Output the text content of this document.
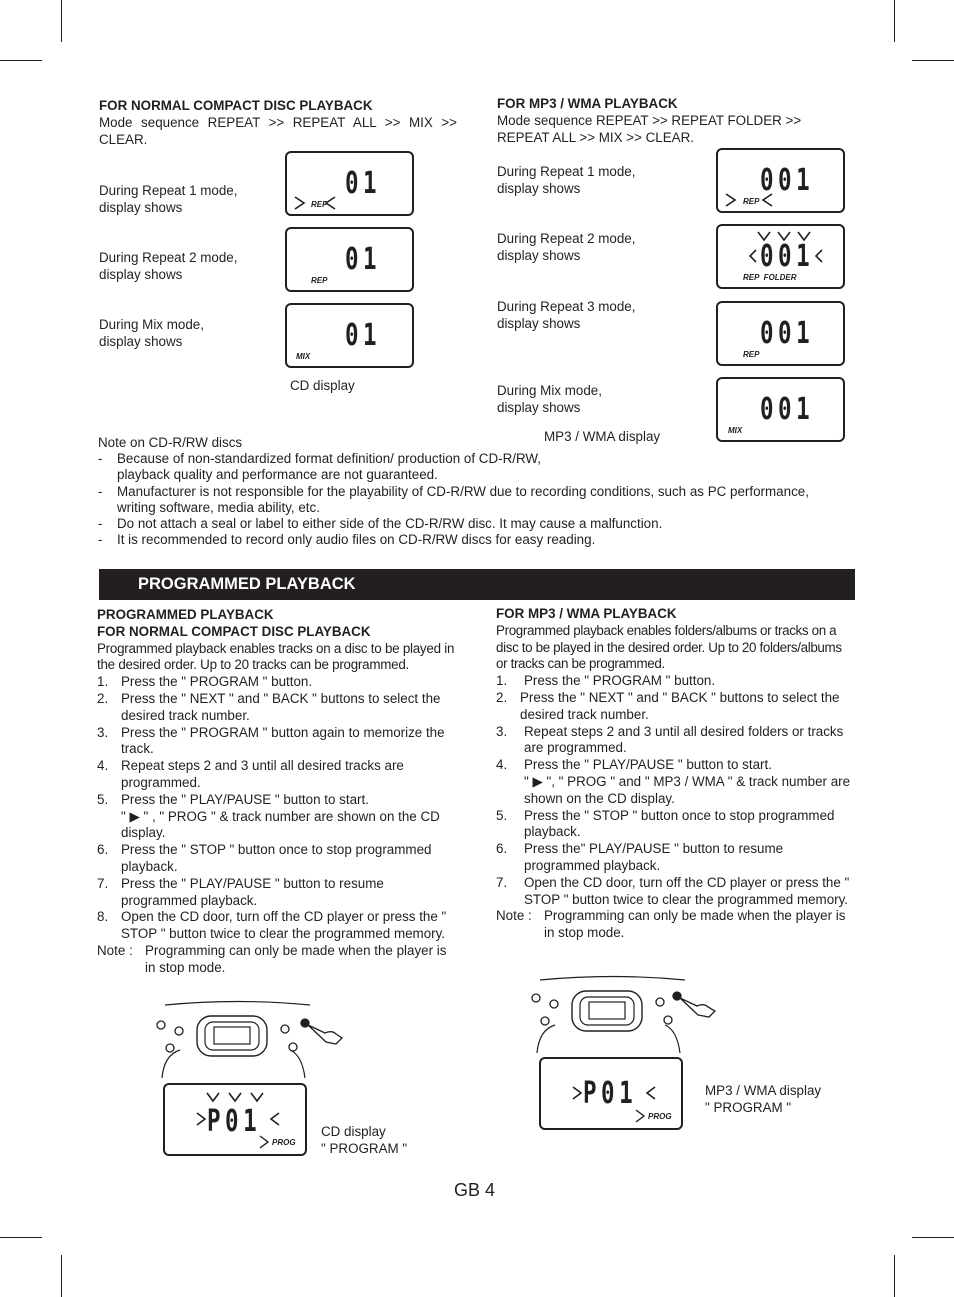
FOR NORMAL COMPACT DISC PLAYBACK
Mode sequence REPEAT >> REPEAT ALL >> MIX >> CLEAR.
During Repeat 1 mode,
display shows
During Repeat 2 mode,
display shows
During Mix mode,
display shows
01
REP
01
REP
01
MIX
CD display
FOR MP3 / WMA PLAYBACK
Mode sequence REPEAT >> REPEAT FOLDER >> REPEAT ALL >> MIX >> CLEAR.
During Repeat 1 mode,
display shows
During Repeat 2 mode,
display shows
During Repeat 3 mode,
display shows
During Mix mode,
display shows
001
REP
001
REP  FOLDER
001
REP
001
MIX
MP3 / WMA display
Note on CD-R/RW discs
-	Because of non-standardized format definition/ production of CD-R/RW,
playback quality and performance are not guaranteed.
-	Manufacturer is not responsible for the playability of CD-R/RW due to recording conditions, such as PC performance,
writing software, media ability, etc.
-	Do not attach a seal or label to either side of the CD-R/RW disc. It may cause a malfunction.
-	It is recommended to record only audio files on CD-R/RW discs for easy reading.
PROGRAMMED PLAYBACK
PROGRAMMED PLAYBACK
FOR NORMAL COMPACT DISC PLAYBACK
Programmed playback enables tracks on a disc to be played in the desired order. Up to 20 tracks can be programmed.
1. Press the " PROGRAM " button.
2. Press the " NEXT " and " BACK " buttons to select the desired track number.
3. Press the " PROGRAM " button again to memorize the track.
4. Repeat steps 2 and 3 until all desired tracks are programmed.
5. Press the " PLAY/PAUSE " button to start.
" ▶ " , " PROG " & track number are shown on the CD display.
6. Press the " STOP " button once to stop programmed playback.
7. Press the " PLAY/PAUSE " button to resume programmed playback.
8. Open the CD door, turn off the CD player or press the " STOP " button twice to clear the programmed memory.
Note : Programming can only be made when the player is in stop mode.
P01
PROG
CD display
" PROGRAM "
FOR MP3 / WMA PLAYBACK
Programmed playback enables folders/albums or tracks on a disc to be played in the desired order. Up to 20 folders/albums or tracks can be programmed.
1.	Press the " PROGRAM " button.
2. Press the " NEXT " and " BACK " buttons to select the desired track number.
3.	Repeat steps 2 and 3 until all desired folders or tracks are programmed.
4.	Press the " PLAY/PAUSE " button to start.
" ▶ ", " PROG " and " MP3 / WMA " & track number are shown on the CD display.
5.	Press the " STOP " button once to stop programmed playback.
6.	Press the" PLAY/PAUSE " button to resume programmed playback.
7.	Open the CD door, turn off the CD player or press the " STOP " button twice to clear the programmed memory.
Note : Programming can only be made when the player is in stop mode.
P01
PROG
MP3 / WMA display
" PROGRAM "
GB 4
